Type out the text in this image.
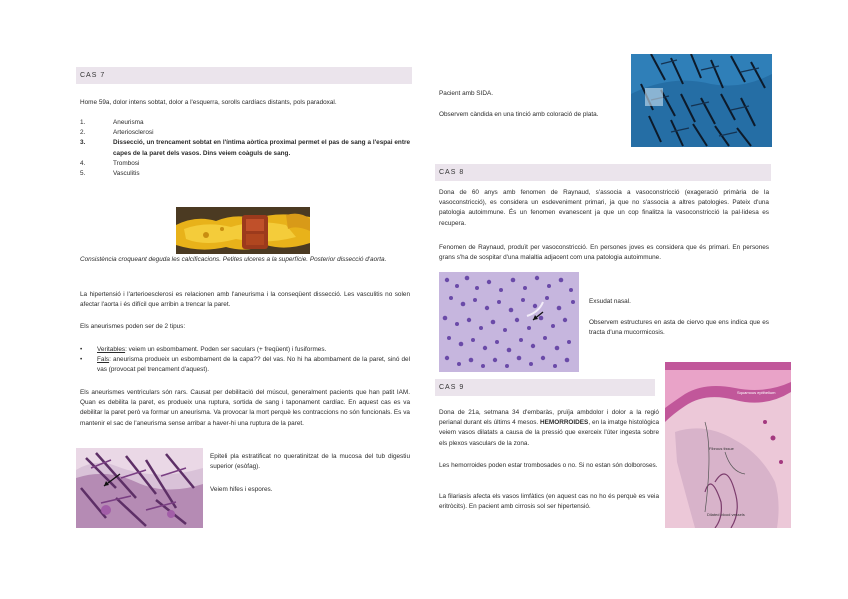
CAS 7
Home 59a, dolor intens sobtat, dolor a l'esquerra, sorolls cardíacs distants, pols paradoxal.
1.	Aneurisma
2.	Arteriosclerosi
3.	Dissecció, un trencament sobtat en l'íntima aòrtica proximal permet el pas de sang a l'espai entre capes de la paret dels vasos. Dins veiem coàguls de sang.
4.	Trombosi
5.	Vasculitis
Consistència croqueant deguda les calcificacions. Petites ulceres a la superfície. Posterior dissecció d'aorta.
La hipertensió i l'arterioesclerosi es relacionen amb l'aneurisma i la conseqüent dissecció. Les vasculitis no solen afectar l'aorta i és difícil que arribin a trencar la paret.
Els aneurismes poden ser de 2 tipus:
•	Veritables: veiem un esbombament. Poden ser saculars (+ freqüent) i fusiformes.
•	Fals: aneurisma produeix un esbombament de la capa?? del vas. No hi ha abombament de la paret, sinó del vas (provocat pel trencament d'aquest).
Els aneurismes ventriculars són rars. Causat per debilitació del múscul, generalment pacients que han patit IAM. Quan es debilita la paret, es produeix una ruptura, sortida de sang i taponament cardíac. En aquest cas es va debilitar la paret però va formar un aneurisma. Va provocar la mort perquè les contraccions no són funcionals. Es va mantenir el sac de l'aneurisma sense arribar a haver-hi una ruptura de la paret.
Epiteli pla estratificat no queratinitzat de la mucosa del tub digestiu superior (esòfag).
Veiem hifes i espores.
Pacient amb SIDA.
Observem càndida en una tinció amb coloració de plata.
CAS 8
Dona de 60 anys amb fenomen de Raynaud, s'associa a vasoconstricció (exageració primària de la vasoconstricció), es considera un esdeveniment primari, ja que no s'associa a altres patologies. Pateix d'una patologia autoimmune. És un fenomen evanescent ja que un cop finalitza la vasoconstricció la pal·lidesa es recupera.
Fenomen de Raynaud, produït per vasoconstricció. En persones joves es considera que és primari. En persones grans s'ha de sospitar d'una malaltia adjacent com una patologia autoimmune.
Exsudat nasal.
Observem estructures en asta de ciervo que ens indica que es tracta d'una mucormicosis.
CAS 9
Dona de 21a, setmana 34 d'embaràs, pruïja ambdolor i dolor a la regió perianal durant els últims 4 mesos. HEMORROIDES, en la imatge histològica veiem vasos dilatats a causa de la pressió que exerceix l'úter ingesta sobre els plexos vasculars de la zona.
Les hemorroides poden estar trombosades o no. Si no estan són dolboroses.
La filariasis afecta els vasos limfàtics (en aquest cas no ho és perquè es veia eritròcits). En pacient amb cirrosis sol ser hipertensió.
Squamous epithelium
Fibrous tissue
Dilated blood vessels
